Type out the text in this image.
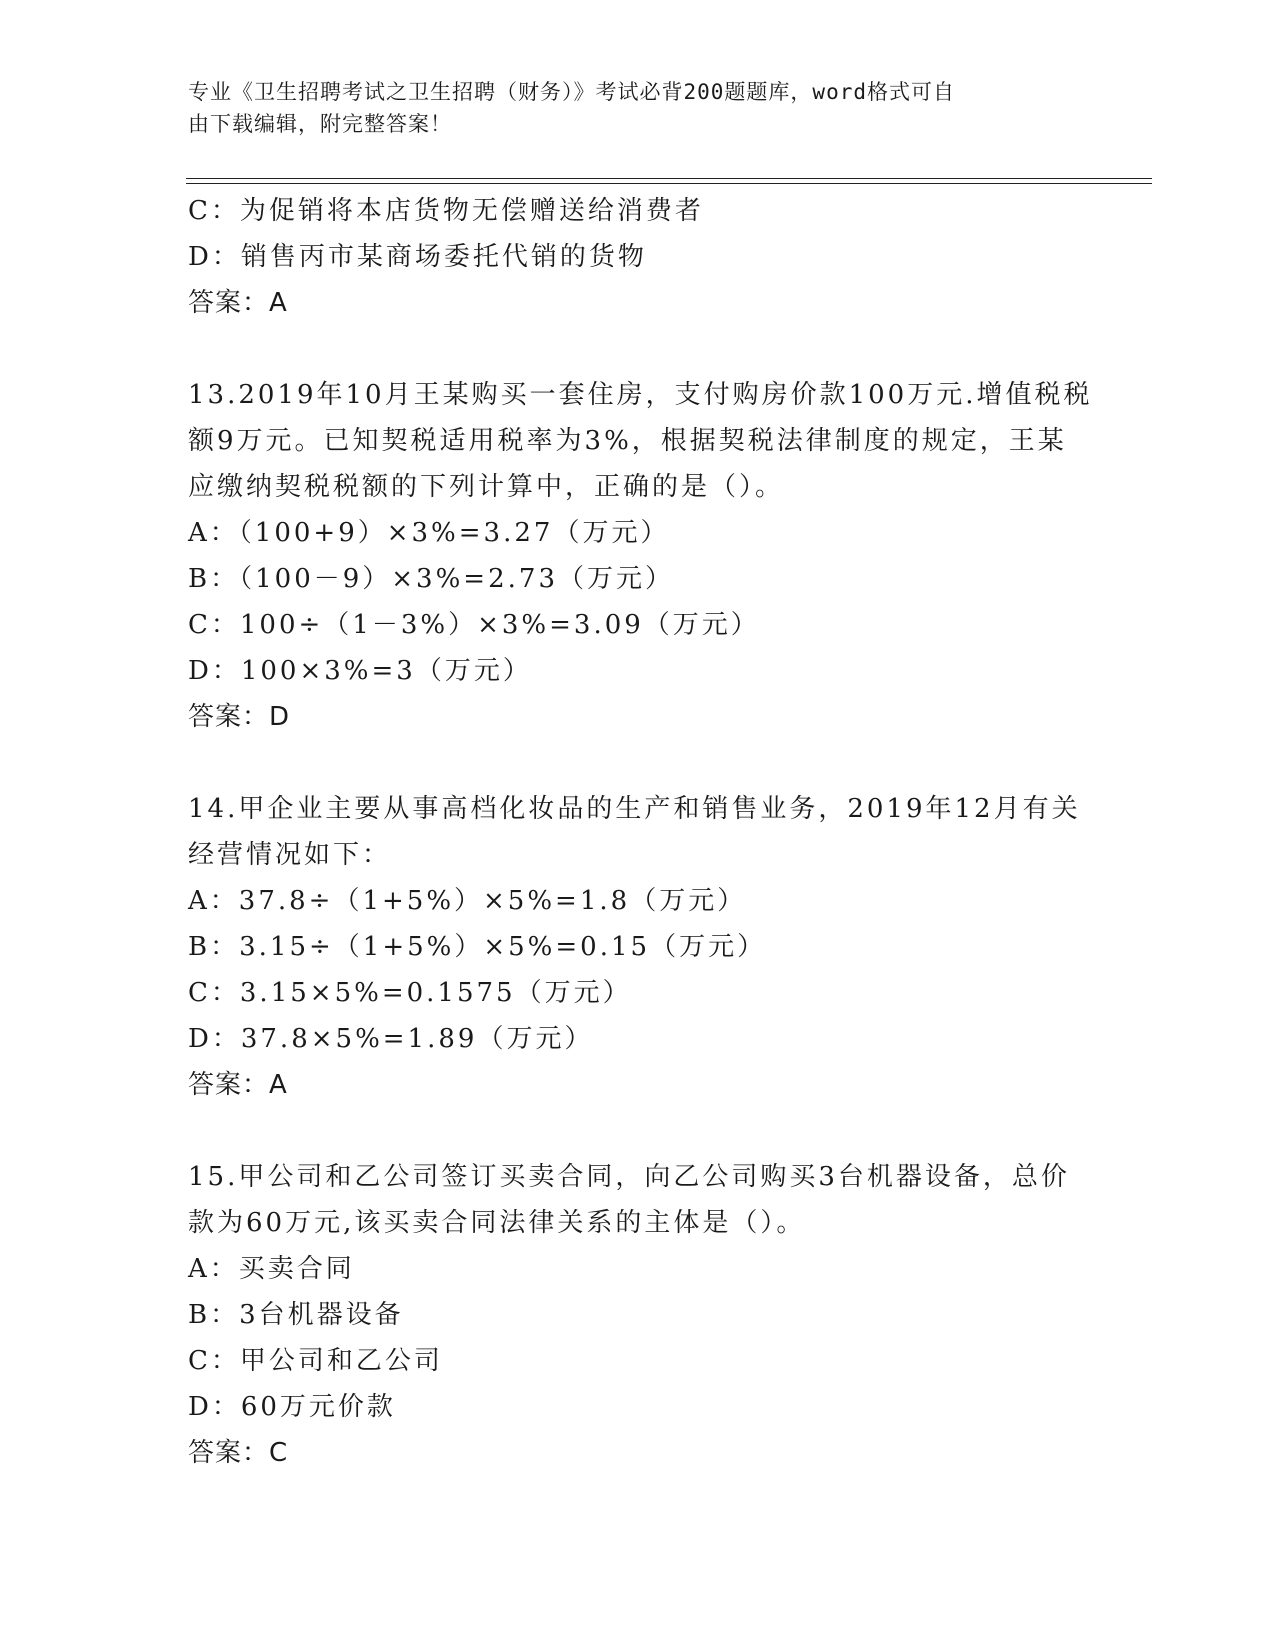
专业《卫生招聘考试之卫生招聘（财务）》考试必背200题题库，word格式可自
由下载编辑，附完整答案！
C：为促销将本店货物无偿赠送给消费者
D：销售丙市某商场委托代销的货物
答案：A
13.2019年10月王某购买一套住房，支付购房价款100万元.增值税税
额9万元。已知契税适用税率为3%，根据契税法律制度的规定，王某
应缴纳契税税额的下列计算中，正确的是（）。
A：（100+9）×3%=3.27（万元）
B：（100－9）×3%=2.73（万元）
C：100÷（1－3%）×3%=3.09（万元）
D：100×3%=3（万元）
答案：D
14.甲企业主要从事高档化妆品的生产和销售业务，2019年12月有关
经营情况如下：
A：37.8÷（1+5%）×5%=1.8（万元）
B：3.15÷（1+5%）×5%=0.15（万元）
C：3.15×5%=0.1575（万元）
D：37.8×5%=1.89（万元）
答案：A
15.甲公司和乙公司签订买卖合同，向乙公司购买3台机器设备，总价
款为60万元,该买卖合同法律关系的主体是（）。
A：买卖合同
B：3台机器设备
C：甲公司和乙公司
D：60万元价款
答案：C
